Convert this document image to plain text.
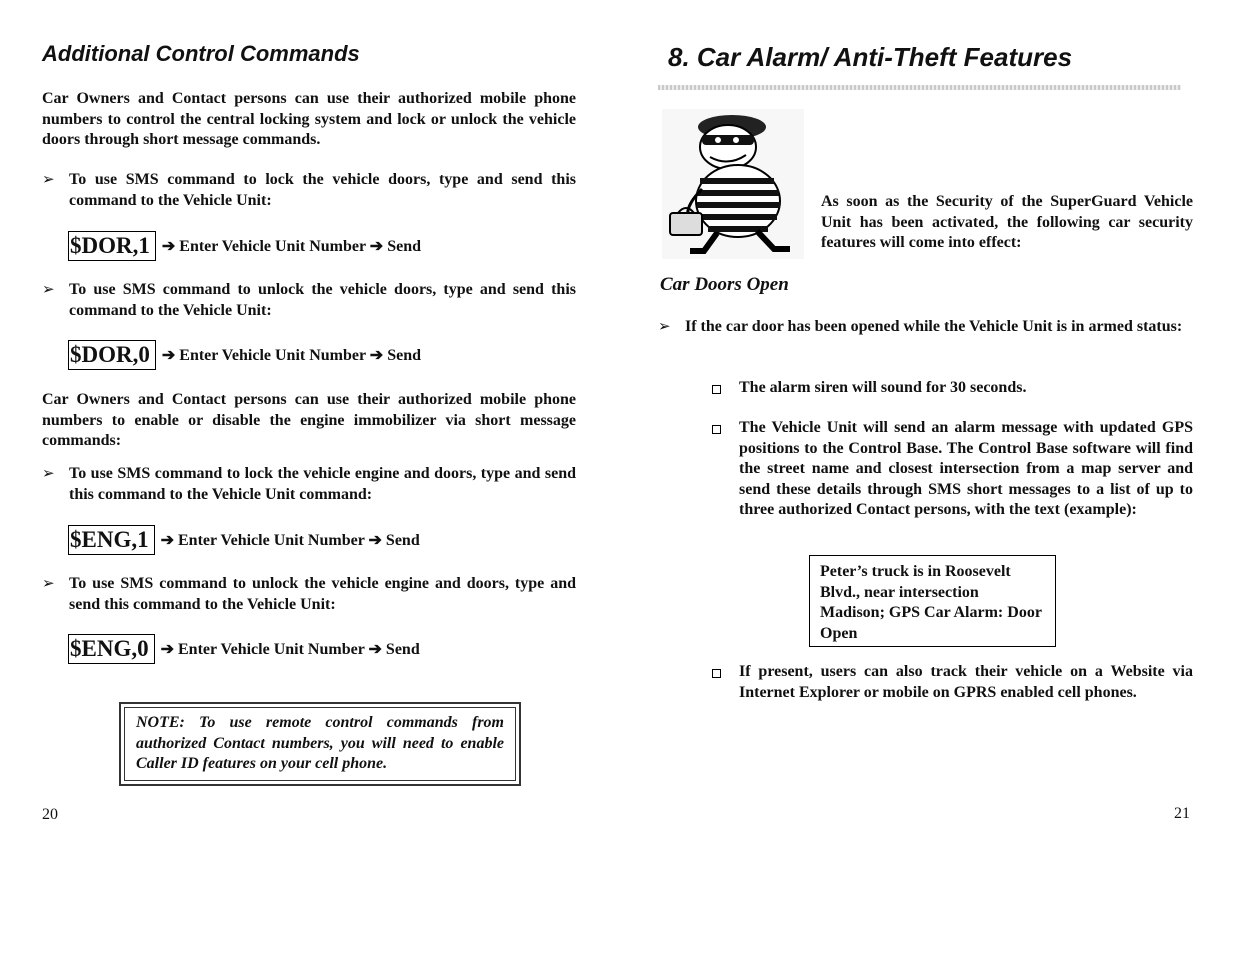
Additional Control Commands

Car Owners and Contact persons can use their authorized mobile phone numbers to control the central locking system and lock or unlock the vehicle doors through short message commands.

➢ To use SMS command to lock the vehicle doors, type and send this command to the Vehicle Unit:

$DOR,1 ➔ Enter Vehicle Unit Number ➔ Send
➢ To use SMS command to unlock the vehicle doors, type and send this command to the Vehicle Unit:

$DOR,0 ➔ Enter Vehicle Unit Number ➔ Send

Car Owners and Contact persons can use their authorized mobile phone numbers to enable or disable the engine immobilizer via short message commands:

➢ To use SMS command to lock the vehicle engine and doors, type and send this command to the Vehicle Unit command:

$ENG,1 ➔ Enter Vehicle Unit Number ➔ Send
➢ To use SMS command to unlock the vehicle engine and doors, type and send this command to the Vehicle Unit:

$ENG,0 ➔ Enter Vehicle Unit Number ➔ Send

NOTE: To use remote control commands from authorized Contact numbers, you will need to enable Caller ID features on your cell phone.

20
8. Car Alarm/ Anti-Theft Features

As soon as the Security of the SuperGuard Vehicle Unit has been activated, the following car security features will come into effect:

Car Doors Open
➢ If the car door has been opened while the Vehicle Unit is in armed status:

The alarm siren will sound for 30 seconds.

The Vehicle Unit will send an alarm message with updated GPS positions to the Control Base. The Control Base software will find the street name and closest intersection from a map server and send these details through SMS short messages to a list of up to three authorized Contact persons, with the text (example):

Peter’s truck is in Roosevelt Blvd., near intersection Madison; GPS Car Alarm: Door Open

If present, users can also track their vehicle on a Website via Internet Explorer or mobile on GPRS enabled cell phones.

21
